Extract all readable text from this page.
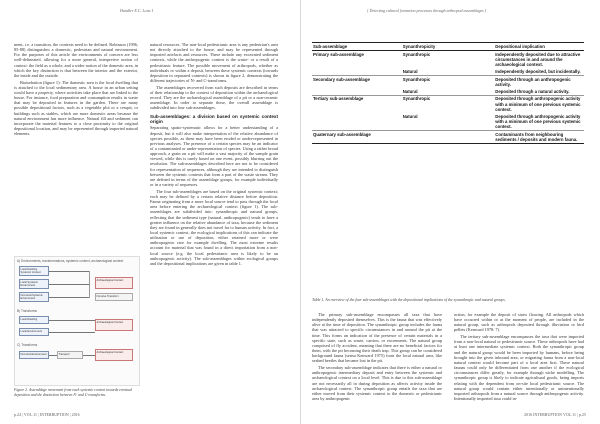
Handler E.C. Lotts 1

ment, i.e. a transition, the contexts need to be defined. Robinson (1996, 85-88) distinguishes a domestic, pedestrian and natural environment. For the purposes of this article the environments of concern are less well-delineated, allowing for a more general, interpretive notion of context: the field as a whole, and a wider notion of the domestic area, in which the key distinction is that between the interior and the exterior, the inside and the outside.

Bioturbation (figure 1): The domestic area is the local dwelling that is attached to the local sedimentary area. A house in an urban setting would have a property, where activities take place that are linked to the house. For instance, food preparation and consumption results in waste that may be deposited in features in the garden. There are many possible depositional factors, such as a vegetable plot or a cesspit, or buildings such as stables, which are more domestic areas because the natural environment has more influence. Natural fill and sediment can incorporate the material features to a close proximity to the original depositional location, and may be represented through imported natural elements.

natural resources. The non-local pedestrianic area is any pedestrian's area not directly attached to the house, and may be represented through imported artefacts and resources. These include any excavated sediment contexts, while the anthropogenic context is the waste- or a result of a pedestrianic feature. The possible movement of arthropods, whether as individuals or within a deposit, between these systemic contexts (towards deposition in separated contexts) is shown in figure 2, demonstrating the different trajectories of N- and C-transforms.

The assemblages recovered from such deposits are described in terms of their relationship to the context of deposition within the archaeological record. They are the archaeological assemblage of a pit or a non-ceramic assemblage. In order to separate these, the overall assemblage is subdivided into four sub-assemblages.

Sub-assemblages: a division based on systemic context origin

Separating spatio-systematic allows for a better understanding of a deposit, but it will also make interpretation of the relative abundance of species possible, as these may have been eroded or under-represented in previous analyses. The presence of a certain species may be an indicator of a contaminated or under-representation of species. Using a rather broad approach, a grain on a pit will make a vast majority of the sample grain viewed, while this is rarely based on one event, possibly blurring out the resolution. The sub-assemblages described here are not to be considered for representation of sequences, although they are intended to distinguish between the systemic contexts that form a part of the waste stream. They are defined in terms of the assemblage groups, for example individually or in a variety of sequences.

The four sub-assemblages are based on the original systemic context; each may be defined by a certain relative distance before deposition. Fauna originating from a more local source tend to pass through the local area before entering the archaeological context (figure 1). The sub-assemblages are subdivided into: synanthropic and natural groups, reflecting that the sediment type (natural, anthropogenic) tends to have a greater influence on the relative abundance of taxa, because the sediment they are found in generally does not travel far to human activity. In fact, a local systemic context, the ecological implications of this can indicate the utilisation or use of deposition, either retained more or were anthropogenic rare for example dwelling. The most extreme results account for material that was found in a direct importation from a non-local source (e.g. the local pedestrianic area is likely to be an anthropogenic activity). The sub-assemblages within ecological groups and the depositional implications are given in table 1.

A) Environments, transformations, systemic context, archaeological context
Local Dwelling Systemic Context
Local Systemic Environment
Non-local Systemic Environment
Archaeological Context
Intrusive Transform
B) Transforms
Local Dwelling
Local Environment
Archaeological Context
C) Transforms
Non-local Environment	Transport
Archaeological Context
Figure 2. Assemblage movement from each systemic context towards eventual deposition and the distinction between N- and C-transforms.
p.24 | VOL.11 | INTERRUPTION | 2016
[ Detecting cultural formation processes through arthropod assemblages ]
2016 INTERRUPTION VOL.11 | p.25
Sub-assemblage	Synanthropicity	Depositional implication
Primary sub-assemblage	Synanthropic	Independently deposited due to attractive circumstances in and around the archaeological context.
	Natural	Independently deposited, but incidentally.
Secondary sub-assemblage	Synanthropic	Deposited through an anthropogenic activity.
	Natural	Deposited through a natural activity.
Tertiary sub-assemblage	Synanthropic	Deposited through anthropogenic activity with a minimum of one previous systemic context.
	Natural	Deposited through anthropogenic activity with a minimum of one previous systemic context.
Quaternary sub-assemblage		Contaminants from neighbouring sediments / deposits and modern fauna.
Table 1. An overview of the four sub-assemblages with the depositional implications of the synanthropic and natural groups.

The primary sub-assemblage encompasses all taxa that have independently deposited themselves. This is the fauna that was effectively alive at the time of deposition. The synanthropic group includes the fauna that was attracted to specific circumstances in and around the pit at the time. This forms an indication of the presence of certain materials in a specific state, such as waste, carrion, or excrements. The natural group comprised of fly accident, meaning that there are no beneficial factors for them, with the pit becoming their death trap. This group can be considered background fauna (sensu Kenward 1975) from the local natural area, like seabed beetles that became lost in the pit.

The secondary sub-assemblage indicates that there is either a natural or anthropogenic intermediary deposit and entry between the systemic and archaeological context on a local level. This is due to this sub-assemblage are not necessarily all in during deposition as affects activity inside the archaeological context. The synanthropic group entails the taxa that are either moved from their systemic context to the domestic or pedestrianic area by anthropogenic

action, for example the deposit of straw flooring. All arthropods which have occurred within or at the moment of people, are included in the natural group, such as arthropods deposited through illuviation or bird pellets (Kenward 1978: 7).

The tertiary sub-assemblage encompasses the taxa that were imported from a non-local natural or pedestrianic source. These arthropods have had at least one intermediate systemic context. Both the synanthropic group and the natural group would be been imported by humans, before being brought into the given inbound area, or migrating fauna from a non-local natural context would become part of a local area first. These natural faunas could only be differentiated from one another if the ecological circumstances differ greatly, for example through niche modelling. The synanthropic group is likely to indicate agricultural goods, being imports relating with the dependent from on-site local pedestrianic source. The natural group would contain either intentionally or unintentionally imported arthropods from a natural source through anthropogenic activity. Intentionally imported taxa could in-
